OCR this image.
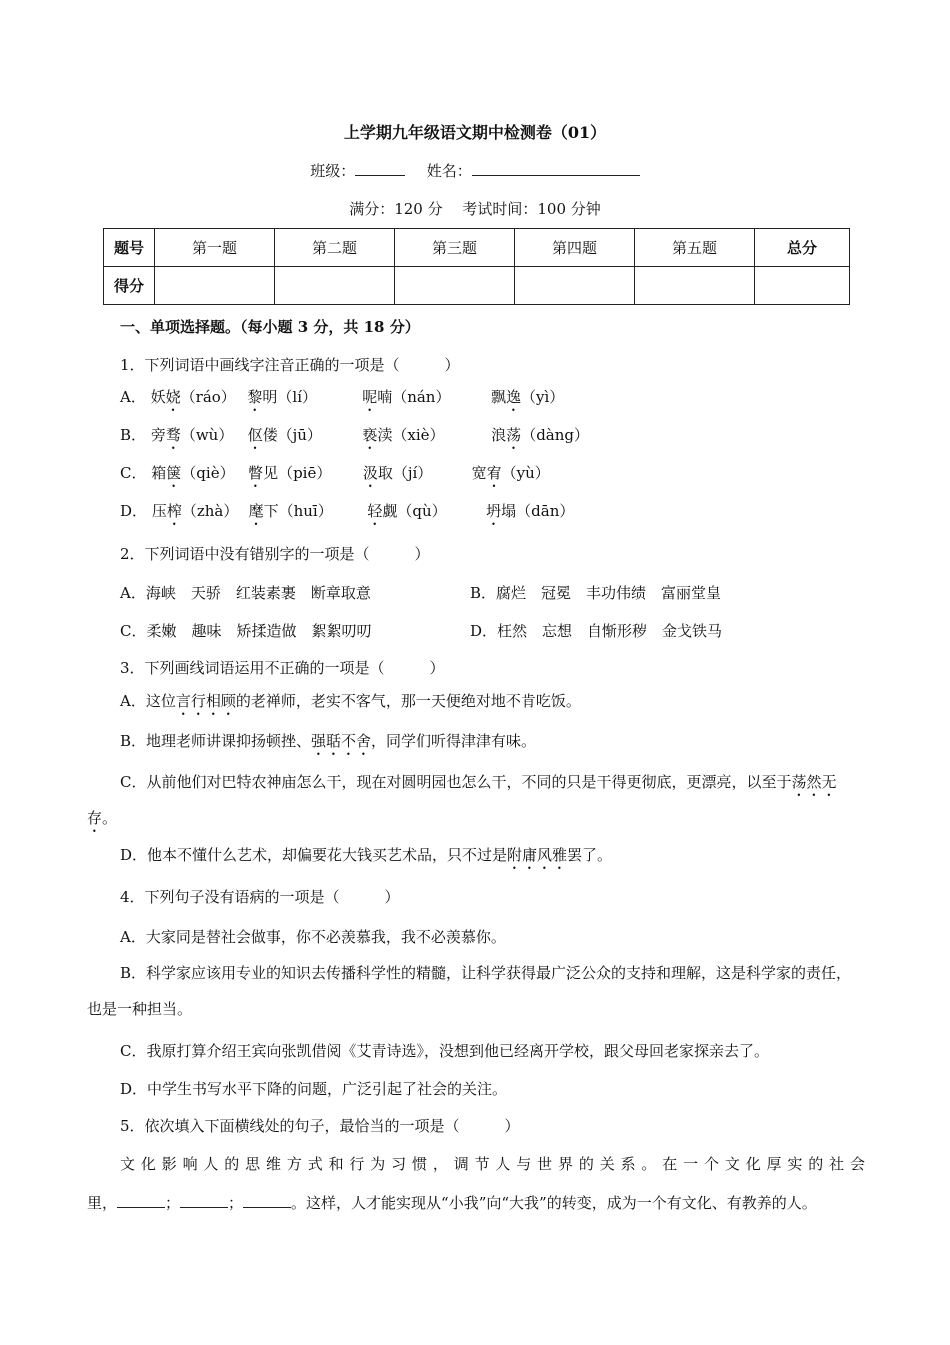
上学期九年级语文期中检测卷（01）
班级：	姓名：
满分：120 分　 考试时间：100 分钟
题号	第一题	第二题	第三题	第四题	第五题	总分
得分						
一、单项选择题。（每小题 3 分，共 18 分）
1．下列词语中画线字注音正确的一项是（　　　）
A． 妖娆（ráo） 黎明（lí）	呢喃（nán）	飘逸（yì）
B． 旁骛（wù） 伛偻（jū）	亵渎（xiè）	浪荡（dàng）
C． 箱箧（qiè） 瞥见（piē） 汲取（jí）	宽宥（yù）
D． 压榨（zhà） 麾下（huī） 轻觑（qù）	坍塌（dān）
2．下列词语中没有错别字的一项是（　　　）
A．海峡　天骄　红装素裹　断章取意	B．腐烂　冠冕　丰功伟绩　富丽堂皇
C．柔嫩　趣味　矫揉造做　絮絮叨叨	D．枉然　忘想　自惭形秽　金戈铁马
3．下列画线词语运用不正确的一项是（　　　）
A．这位言行相顾的老禅师，老实不客气，那一天便绝对地不肯吃饭。
B．地理老师讲课抑扬顿挫、强聒不舍，同学们听得津津有味。
C．从前他们对巴特农神庙怎么干，现在对圆明园也怎么干，不同的只是干得更彻底，更漂亮，以至于荡然无存。
D．他本不懂什么艺术，却偏要花大钱买艺术品，只不过是附庸风雅罢了。
4．下列句子没有语病的一项是（　　　）
A．大家同是替社会做事，你不必羡慕我，我不必羡慕你。
B．科学家应该用专业的知识去传播科学性的精髓，让科学获得最广泛公众的支持和理解，这是科学家的责任，也是一种担当。
C．我原打算介绍王宾向张凯借阅《艾青诗选》，没想到他已经离开学校，跟父母回老家探亲去了。
D．中学生书写水平下降的问题，广泛引起了社会的关注。
5．依次填入下面横线处的句子，最恰当的一项是（　　　）
文化影响人的思维方式和行为习惯，调节人与世界的关系。在一个文化厚实的社会
里，	；	；	。这样，人才能实现从“小我”向“大我”的转变，成为一个有文化、有教养的人。
